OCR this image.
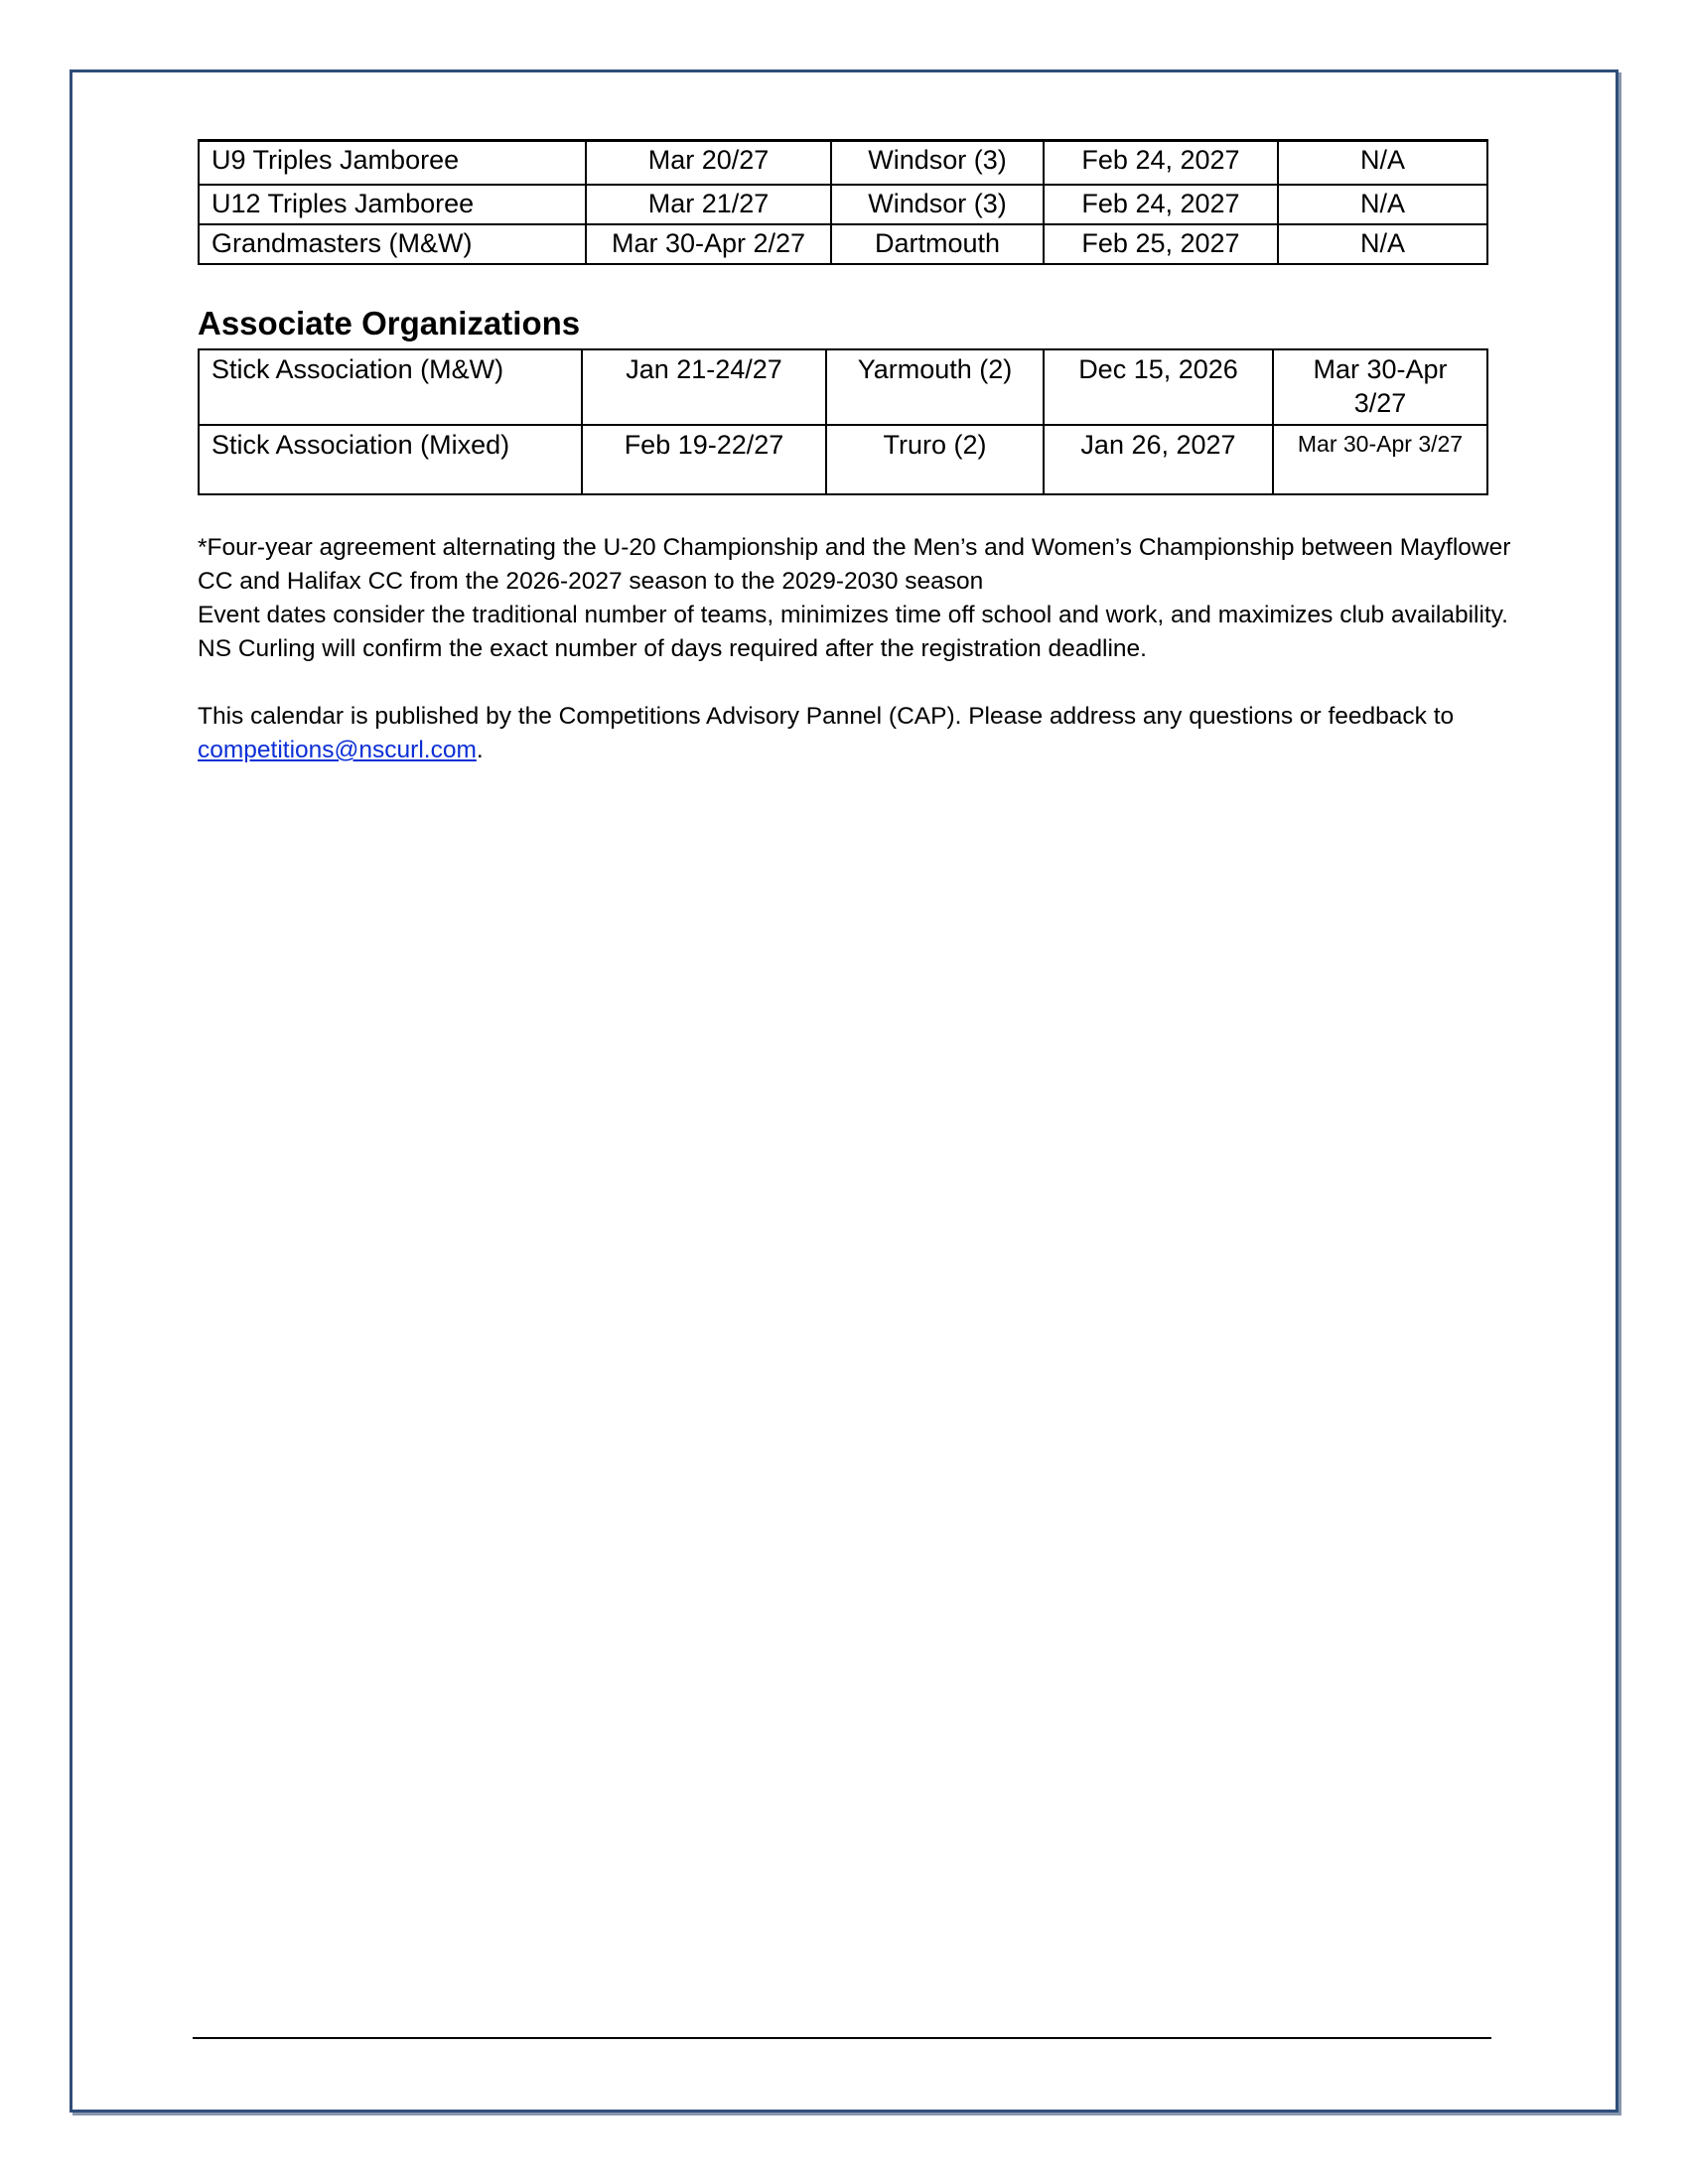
U9 Triples Jamboree	Mar 20/27	Windsor (3)	Feb 24, 2027	N/A
U12 Triples Jamboree	Mar 21/27	Windsor (3)	Feb 24, 2027	N/A
Grandmasters (M&W)	Mar 30-Apr 2/27	Dartmouth	Feb 25, 2027	N/A
Associate Organizations
Stick Association (M&W)	Jan 21-24/27	Yarmouth (2)	Dec 15, 2026	Mar 30-Apr 3/27
Stick Association (Mixed)	Feb 19-22/27	Truro (2)	Jan 26, 2027	Mar 30-Apr 3/27

*Four-year agreement alternating the U-20 Championship and the Men’s and Women’s Championship between Mayflower CC and Halifax CC from the 2026-2027 season to the 2029-2030 season

Event dates consider the traditional number of teams, minimizes time off school and work, and maximizes club availability. NS Curling will confirm the exact number of days required after the registration deadline.

This calendar is published by the Competitions Advisory Pannel (CAP). Please address any questions or feedback to competitions@nscurl.com.
